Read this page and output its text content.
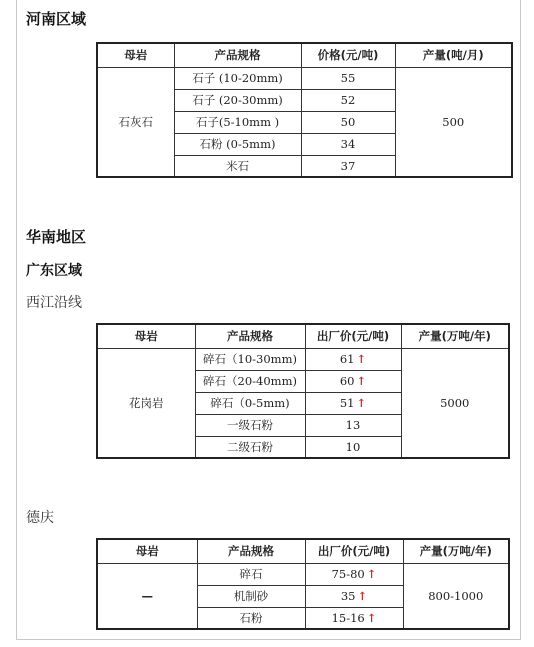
河南区域
母岩	产品规格	价格(元/吨)	产量(吨/月)
石灰石	石子 (10-20mm)	55	500
	石子 (20-30mm)	52	
	石子(5-10mm )	50	
	石粉 (0-5mm)	34	
	米石	37	
华南地区
广东区域
西江沿线
母岩	产品规格	出厂价(元/吨)	产量(万吨/年)
花岗岩	碎石（10-30mm)	61 ↑	5000
	碎石（20-40mm)	60 ↑	
	碎石（0-5mm)	51 ↑	
	一级石粉	13	
	二级石粉	10	
德庆
母岩	产品规格	出厂价(元/吨)	产量(万吨/年)
—	碎石	75-80 ↑	800-1000
	机制砂	35 ↑	
	石粉	15-16 ↑	
